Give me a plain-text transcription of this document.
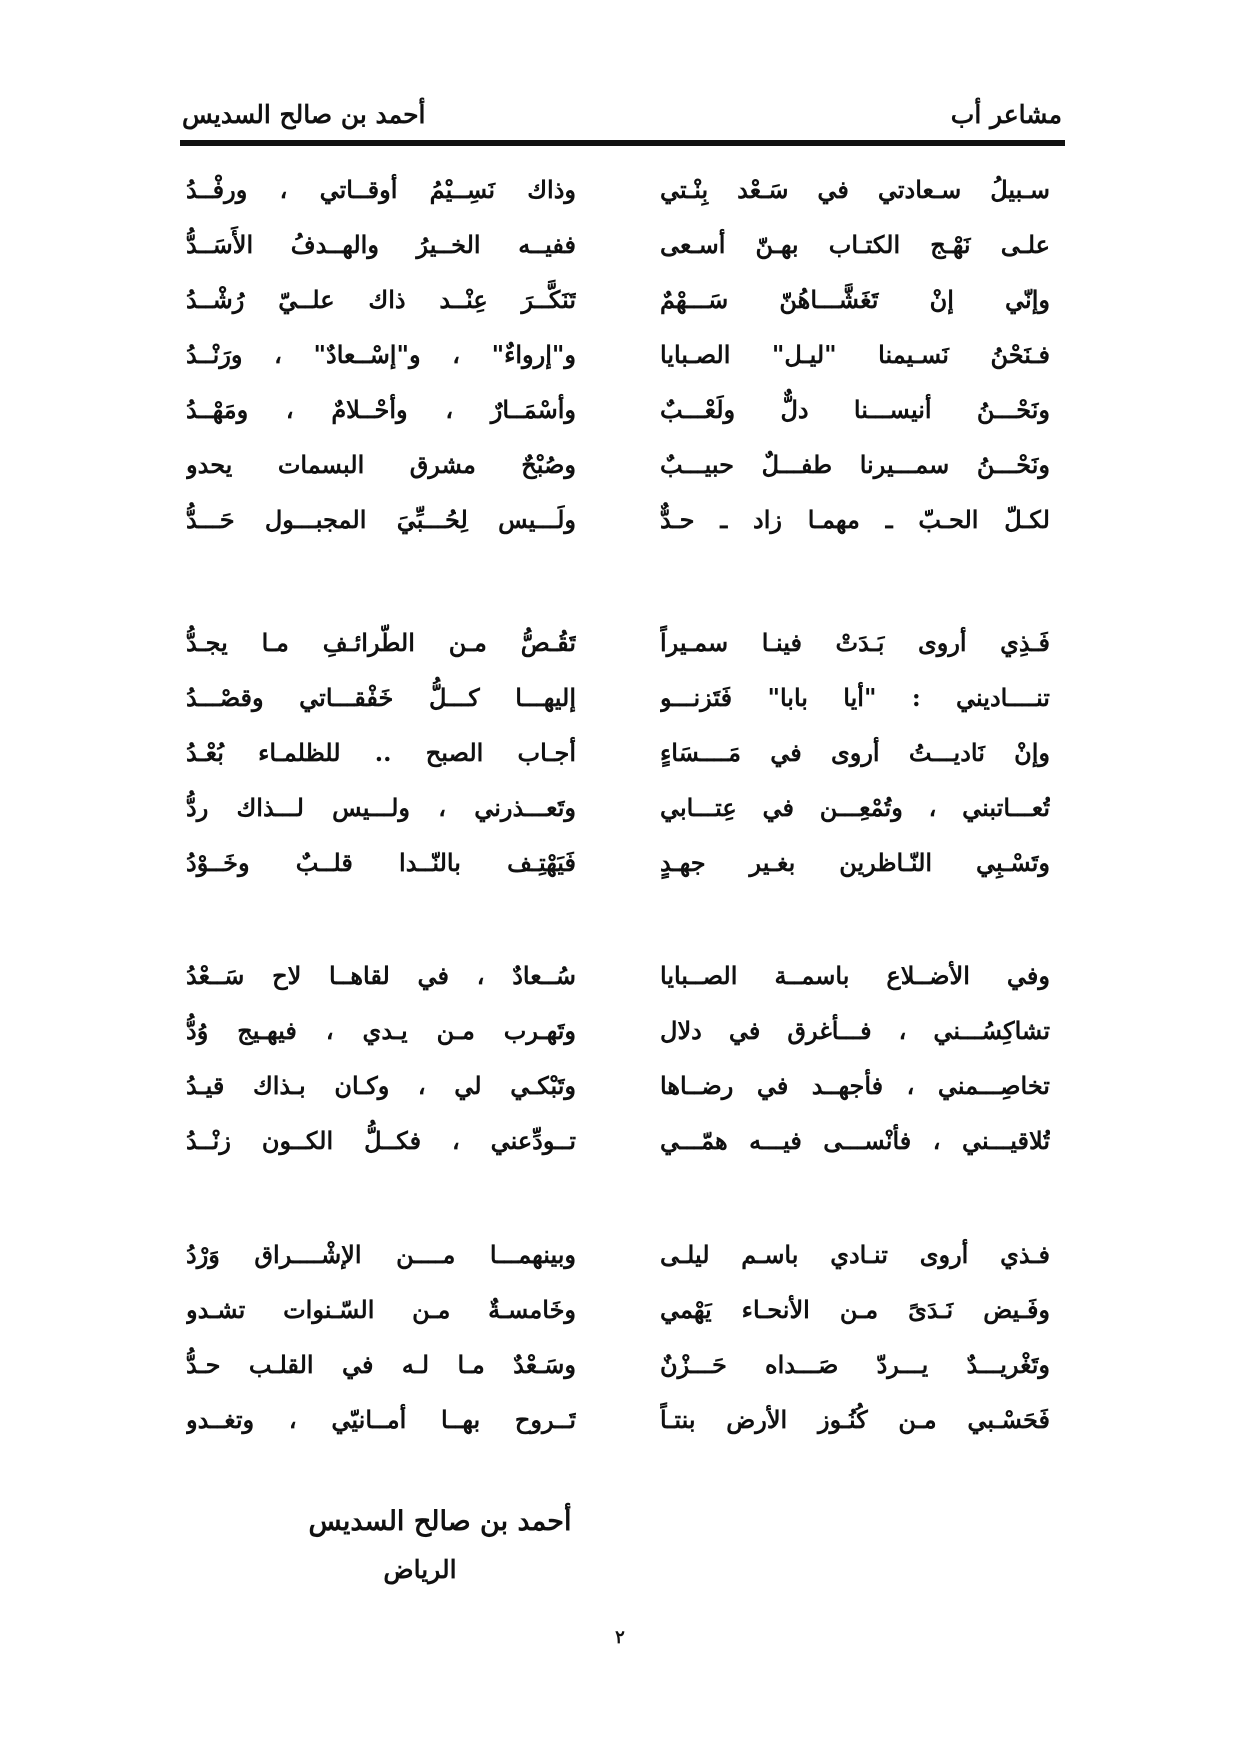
مشاعر أب
أحمد بن صالح السديس
سـبيلُ سـعادتي في سَـعْد بِنْـتي
علـى نَهْـج الكتـاب بهـنّ أسـعى
وإنّي إنْ تَغَشَّـــاهُنّ سَـــهْمٌ
فـنَحْنُ نَسـيمنا "ليـل" الصـبايا
ونَحْـــنُ أنيســـنا دلٌّ ولَعْـــبٌ
ونَحْـــنُ سمـــيرنا طفـــلٌ حبيـــبٌ
لكـلّ الحـبّ ـ مهمـا زاد ـ حـدٌّ
وذاك نَسِــيْمُ أوقــاتي ، ورفْــدُ
ففيــه الخــيرُ والهــدفُ الأَسَــدُّ
تَنَكَّــرَ عِنْــد ذاك علــيّ رُشْــدُ
و"إرواءٌ" ، و"إسْــعادٌ" ، ورَنْــدُ
وأسْمَــارٌ ، وأحْــلامٌ ، ومَهْــدُ
وصُبْحٌ مشرق البسمات يحدو
ولَـــيس لِحُـــبِّيَ المجبـــول حَـــدُّ
فَـذِي أروى بَـدَتْ فينـا سمـيراً
تنــــاديني : "أيا بابا" فَتَزنـــو
وإنْ نَاديـــتُ أروى في مَــــسَاءٍ
تُعـــاتبني ، وتُمْعِـــن في عِتـــابي
وتَسْـبِي النّـاظرين بغـير جهـدٍ
تَقُـصُّ مـن الطّرائـفِ مـا يجـدُّ
إليهـــا كـــلُّ خَفْقـــاتي وقصْـــدُ
أجـاب الصبح .. للظلمـاء بُعْـدُ
وتَعـــذرني ، ولـــيس لـــذاك ردُّ
فَيَهْتِـف بالنّــدا قلــبٌ وخَــوْدُ
وفي الأضــلاع باسمــة الصــبايا
تشاكِسُـــني ، فـــأغرق في دلال
تخاصِـــمني ، فأجهــد في رضــاها
تُلاقيـــني ، فأنْســـى فيـــه همّـــي
سُــعادٌ ، في لقاهــا لاح سَــعْدُ
وتَهـرب مـن يـدي ، فيهـيج وُدُّ
وتَبْكـي لي ، وكـان بـذاك قيـدُ
تــودِّعني ، فكــلُّ الكــون زنْــدُ
فـذي أروى تنـادي باسـم ليلـى
وفَـيض نَـدَىً مـن الأنحـاء يَهْمي
وتَغْريـــدٌ يـــردّ صَـــداه حَـــزْنٌ
فَحَسْـبي مـن كُنُـوز الأرض بنتـاً
وبينهمـــا مــــن الإشْــــراق وَرْدُ
وخَامسـةٌ مـن السّـنوات تشـدو
وسَـعْدٌ مـا لـه في القلـب حـدُّ
تَــروح بهــا أمــانيّي ، وتغــدو
أحمد بن صالح السديس
الرياض
٢
